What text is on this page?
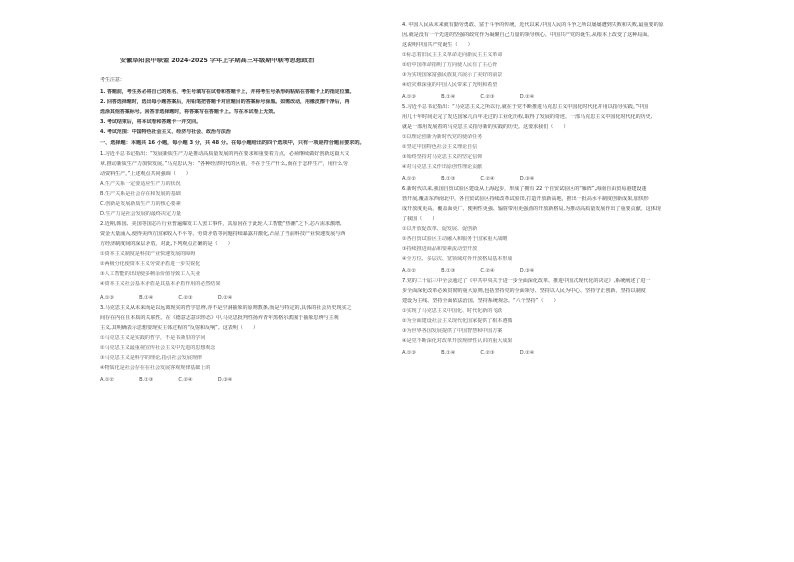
安徽阜阳县中联盟 2024-2025 学年上学期高三年级期中联考思想政治
考生注意：
1. 答题前，考生务必将自己的姓名、考生号填写在试卷和答题卡上，并将考生号条形码粘贴在答题卡上的指定位置。
2. 回答选择题时，选出每小题答案后，用铅笔把答题卡对应题目的答案标号涂黑。如需改动，用橡皮擦干净后，再
选涂其他答案标号。回答非选择题时，将答案写在答题卡上。写在本试卷上无效。
3. 考试结束后，将本试卷和答题卡一并交回。
4. 考试范围：中国特色社会主义、经济与社会、政治与法治
一、选择题：本题共 16 小题，每小题 3 分，共 48 分。在每小题给出的四个选项中，只有一项是符合题目要求的。
1.习近平总书记指出：“发展新质生产力是推动高质量发展的内在要求和重要着力点，必须继续做好创新这篇大文
章,推动新质生产力加快发展。”马克思认为：“各种经济时代的区别，不在于生产什么,而在于怎样生产，用什么劳
动资料生产。”上述观点共同强调（　　）
A.生产关系一定要适应生产力的状况
B.生产关系是社会存在和发展的基础
C.创新是发展新质生产力的核心要素
D.生产力是社会发展的最终决定力量
2.近期,韩国、美国等国芯片行业普遍爆发工人罢工事件，其原因在于此轮人工智能“热潮”之下,芯片需求激增,
资金大量涌入,使得美西方国家收入不平等、劳资矛盾等问题持续暴露并激化,凸显了当前科技产业快速发展与西
方经济制度间的深层矛盾。对此,下列观点正确的是（　　）
①资本主义制度是科技产业快速发展的障碍
②两极分化使资本主义劳资矛盾进一步尖锐化
③人工智能的出现使多剩余价值导致工人失业
④资本主义社会基本矛盾是其基本矛盾作用的必然结果
A.①③　　　　　B.①④　　　　　C.②③　　　　　D.②④
3.马克思主义从未来而是以远离现实的哲学思辨,亦不是空洞抽象的原则教条,而是与特定的,具体的社会历史现实之
间存在内在且本质的关联性。在《德意志意识形态》中,马克思批判性扬弃青年黑格尔派囿于抽象思辨与主观
主义,其明确表示思想要现实主体过程的“反射和反响”。这表明（　　）
①马克思主义是实践的哲学，不是书斋里的学问
②马克思主义最重视宣传社会主义中先进的思想观念
③马克思主义是科学的理论,指引社会发展规律
④物质化是社会存在在社会发展客观规律基础上的
A.①②　　　　　B.①③　　　　　C.②④　　　　　D.③④
4. 中国人民从未来就有勤劳勇敢、富于斗争的传统，近代以来,中国人民的斗争之所以屡屡遭到失败和失败,最重要的原
因,就是没有一个先进的坚强的政党作为凝聚自己力量的领导核心。中国共产党的诞生,从根本上改变了这种局面。
这说明中国共产党诞生（　　）
①标志着旧民主主义革命走向新民主主义革命
②给中国革命指明了方向使人民有了主心骨
③为实现国家富强民族复兴展示了美好的前景
④给灾难深重的中国人民带来了光明和希望
A.①③　　　　　B.①④　　　　　C.②③　　　　　D.②④
5.习近平总书记指出：“马克思主义之所以行,就在于党不断推进马克思主义中国化时代化并用以指导实践。”中国
用几十年时间走完了发达国家几百年走过的工业化历程,取得了发展的奇迹。一部马克思主义中国化时代化的历史,
就是一部用发展着的马克思主义指导新的实践的历史。这要求我们（　　）
①以理论创新为新时代党的使命任务
②坚定中国特色社会主义理论自信
③始终坚持对马克思主义的坚定信仰
④对马克思主义作出原创性理论贡献
A.①②　　　　　B.①③　　　　　C.②④　　　　　D.③④
6.新时代以来,我国自贸试验区建设从上海起步，形成了拥有 22 个自贸试验区的“雁阵”,海南自由贸易港建设蓬
勃开展,覆盖东西南北中。各自贸试验区持续改革试验田,打造开放新高地，推出一批高水平制度创新成果,加快形
成开放度更高、覆盖面更广、便利性更强、辐射带用更强劲的开放新格局,为推动高质量发展作出了重要贡献。这体现
了我国（　　）
①以开放促改革、促发展、促创新
②各自贸试验区主动融入和服务于国家重大战略
③持续推进商品和要素流动型开放
④全方位、多层次、宽领域对外开放格局基本形成
A.①②　　　　　B.①③　　　　　C.②④　　　　　D.③④
7.党的二十届三中全会通过了《中共中央关于进一步全面深化改革、推进中国式现代化的决定》,系统阐述了进一
步全面深化改革必须贯彻的重大原则,包括坚持党的全面领导、坚持以人民为中心、坚持守正创新、坚持以制度
建设为主线、坚持全面依法治国、坚持系统观念。“六个坚持”（　　）
①实现了马克思主义中国化、时代化新的飞跃
②为全面建设社会主义现代化国家提供了根本遵循
③为世界各国发展提供了中国智慧和中国方案
④是党不断深化对改革开放规律性认识的重大成果
A.①③　　　　　B.①④　　　　　C.②③　　　　　D.②④
